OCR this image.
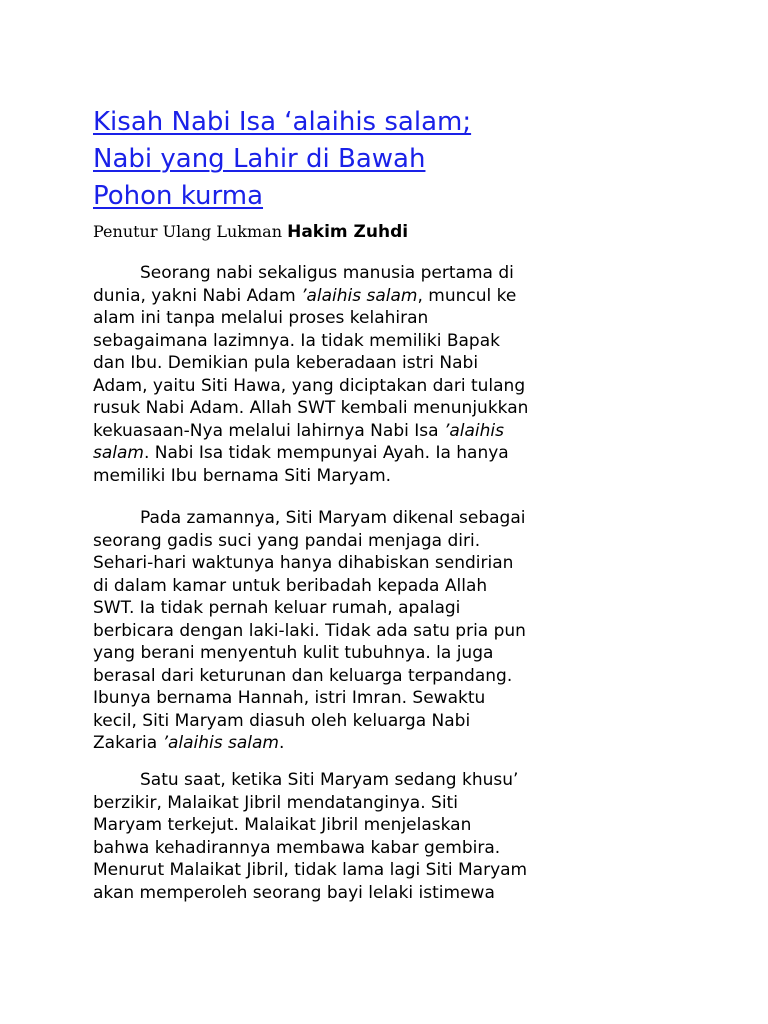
Kisah Nabi Isa ‘alaihis salam;
Nabi yang Lahir di Bawah
Pohon kurma

Penutur Ulang Lukman Hakim Zuhdi

Seorang nabi sekaligus manusia pertama di
dunia, yakni Nabi Adam ’alaihis salam, muncul ke
alam ini tanpa melalui proses kelahiran
sebagaimana lazimnya. Ia tidak memiliki Bapak
dan Ibu. Demikian pula keberadaan istri Nabi
Adam, yaitu Siti Hawa, yang diciptakan dari tulang
rusuk Nabi Adam. Allah SWT kembali menunjukkan
kekuasaan-Nya melalui lahirnya Nabi Isa ’alaihis
salam. Nabi Isa tidak mempunyai Ayah. Ia hanya
memiliki Ibu bernama Siti Maryam.

Pada zamannya, Siti Maryam dikenal sebagai
seorang gadis suci yang pandai menjaga diri.
Sehari-hari waktunya hanya dihabiskan sendirian
di dalam kamar untuk beribadah kepada Allah
SWT. Ia tidak pernah keluar rumah, apalagi
berbicara dengan laki-laki. Tidak ada satu pria pun
yang berani menyentuh kulit tubuhnya. la juga
berasal dari keturunan dan keluarga terpandang.
Ibunya bernama Hannah, istri Imran. Sewaktu
kecil, Siti Maryam diasuh oleh keluarga Nabi
Zakaria ’alaihis salam.

Satu saat, ketika Siti Maryam sedang khusu’
berzikir, Malaikat Jibril mendatanginya. Siti
Maryam terkejut. Malaikat Jibril menjelaskan
bahwa kehadirannya membawa kabar gembira.
Menurut Malaikat Jibril, tidak lama lagi Siti Maryam
akan memperoleh seorang bayi lelaki istimewa
